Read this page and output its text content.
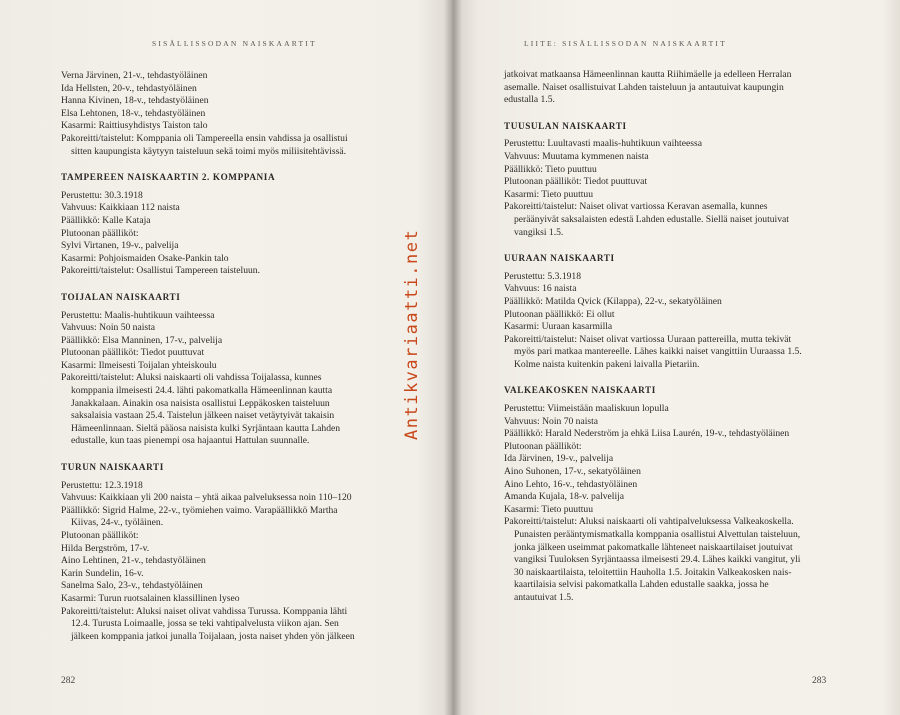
SISÄLLISSODAN NAISKAARTIT
Verna Järvinen, 21-v., tehdastyöläinen
Ida Hellsten, 20-v., tehdastyöläinen
Hanna Kivinen, 18-v., tehdastyöläinen
Elsa Lehtonen, 18-v., tehdastyöläinen
Kasarmi: Raittiusyhdistys Taiston talo
Pakoreitti/taistelut: Komppania oli Tampereella ensin vahdissa ja osallistui
sitten kaupungista käytyyn taisteluun sekä toimi myös miliisitehtävissä.
TAMPEREEN NAISKAARTIN 2. KOMPPANIA
Perustettu: 30.3.1918
Vahvuus: Kaikkiaan 112 naista
Päällikkö: Kalle Kataja
Plutoonan päälliköt:
Sylvi Virtanen, 19-v., palvelija
Kasarmi: Pohjoismaiden Osake-Pankin talo
Pakoreitti/taistelut: Osallistui Tampereen taisteluun.
TOIJALAN NAISKAARTI
Perustettu: Maalis-huhtikuun vaihteessa
Vahvuus: Noin 50 naista
Päällikkö: Elsa Manninen, 17-v., palvelija
Plutoonan päälliköt: Tiedot puuttuvat
Kasarmi: Ilmeisesti Toijalan yhteiskoulu
Pakoreitti/taistelut: Aluksi naiskaarti oli vahdissa Toijalassa, kunnes
komppania ilmeisesti 24.4. lähti pakomatkalla Hämeenlinnan kautta
Janakkalaan. Ainakin osa naisista osallistui Leppäkosken taisteluun
saksalaisia vastaan 25.4. Taistelun jälkeen naiset vetäytyivät takaisin
Hämeenlinnaan. Sieltä pääosa naisista kulki Syrjäntaan kautta Lahden
edustalle, kun taas pienempi osa hajaantui Hattulan suunnalle.
TURUN NAISKAARTI
Perustettu: 12.3.1918
Vahvuus: Kaikkiaan yli 200 naista – yhtä aikaa palveluksessa noin 110–120
Päällikkö: Sigrid Halme, 22-v., työmiehen vaimo. Varapäällikkö Martha
Kiivas, 24-v., työläinen.
Plutoonan päälliköt:
Hilda Bergström, 17-v.
Aino Lehtinen, 21-v., tehdastyöläinen
Karin Sundelin, 16-v.
Sanelma Salo, 23-v., tehdastyöläinen
Kasarmi: Turun ruotsalainen klassillinen lyseo
Pakoreitti/taistelut: Aluksi naiset olivat vahdissa Turussa. Komppania lähti
12.4. Turusta Loimaalle, jossa se teki vahtipalvelusta viikon ajan. Sen
jälkeen komppania jatkoi junalla Toijalaan, josta naiset yhden yön jälkeen
282
LIITE: SISÄLLISSODAN NAISKAARTIT
jatkoivat matkaansa Hämeenlinnan kautta Riihimäelle ja edelleen Herralan
asemalle. Naiset osallistuivat Lahden taisteluun ja antautuivat kaupungin
edustalla 1.5.
TUUSULAN NAISKAARTI
Perustettu: Luultavasti maalis-huhtikuun vaihteessa
Vahvuus: Muutama kymmenen naista
Päällikkö: Tieto puuttuu
Plutoonan päälliköt: Tiedot puuttuvat
Kasarmi: Tieto puuttuu
Pakoreitti/taistelut: Naiset olivat vartiossa Keravan asemalla, kunnes
peräänyivät saksalaisten edestä Lahden edustalle. Siellä naiset joutuivat
vangiksi 1.5.
UURAAN NAISKAARTI
Perustettu: 5.3.1918
Vahvuus: 16 naista
Päällikkö: Matilda Qvick (Kilappa), 22-v., sekatyöläinen
Plutoonan päällikkö: Ei ollut
Kasarmi: Uuraan kasarmilla
Pakoreitti/taistelut: Naiset olivat vartiossa Uuraan pattereilla, mutta tekivät
myös pari matkaa mantereelle. Lähes kaikki naiset vangittiin Uuraassa 1.5.
Kolme naista kuitenkin pakeni laivalla Pietariin.
VALKEAKOSKEN NAISKAARTI
Perustettu: Viimeistään maaliskuun lopulla
Vahvuus: Noin 70 naista
Päällikkö: Harald Nederström ja ehkä Liisa Laurén, 19-v., tehdastyöläinen
Plutoonan päälliköt:
Ida Järvinen, 19-v., palvelija
Aino Suhonen, 17-v., sekatyöläinen
Aino Lehto, 16-v., tehdastyöläinen
Amanda Kujala, 18-v. palvelija
Kasarmi: Tieto puuttuu
Pakoreitti/taistelut: Aluksi naiskaarti oli vahtipalveluksessa Valkeakoskella.
Punaisten perääntymismatkalla komppania osallistui Alvettulan taisteluun,
jonka jälkeen useimmat pakomatkalle lähteneet naiskaartilaiset joutuivat
vangiksi Tuuloksen Syrjäntaassa ilmeisesti 29.4. Lähes kaikki vangitut, yli
30 naiskaartilaista, teloitettiin Hauholla 1.5. Joitakin Valkeakosken nais-
kaartilaisia selvisi pakomatkalla Lahden edustalle saakka, jossa he
antautuivat 1.5.
283
Antikvariaatti.net
